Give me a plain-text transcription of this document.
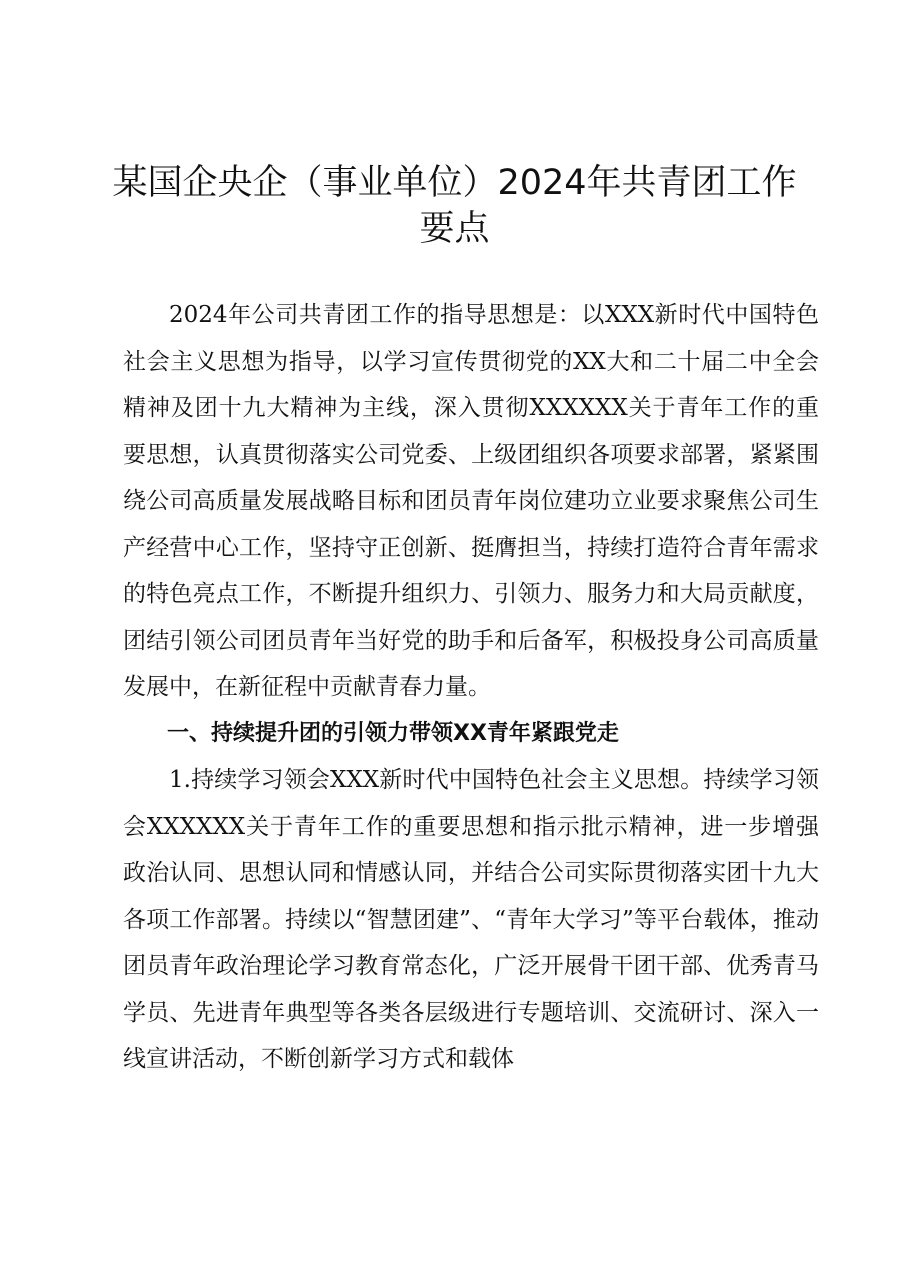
某国企央企（事业单位）2024年共青团工作要点

2024年公司共青团工作的指导思想是：以XXX新时代中国特色社会主义思想为指导，以学习宣传贯彻党的XX大和二十届二中全会精神及团十九大精神为主线，深入贯彻XXXXXX关于青年工作的重要思想，认真贯彻落实公司党委、上级团组织各项要求部署，紧紧围绕公司高质量发展战略目标和团员青年岗位建功立业要求聚焦公司生产经营中心工作，坚持守正创新、挺膺担当，持续打造符合青年需求的特色亮点工作，不断提升组织力、引领力、服务力和大局贡献度，团结引领公司团员青年当好党的助手和后备军，积极投身公司高质量发展中，在新征程中贡献青春力量。

一、持续提升团的引领力带领XX青年紧跟党走

1.持续学习领会XXX新时代中国特色社会主义思想。持续学习领会XXXXXX关于青年工作的重要思想和指示批示精神，进一步增强政治认同、思想认同和情感认同，并结合公司实际贯彻落实团十九大各项工作部署。持续以“智慧团建”、“青年大学习”等平台载体，推动团员青年政治理论学习教育常态化，广泛开展骨干团干部、优秀青马学员、先进青年典型等各类各层级进行专题培训、交流研讨、深入一线宣讲活动，不断创新学习方式和载体
